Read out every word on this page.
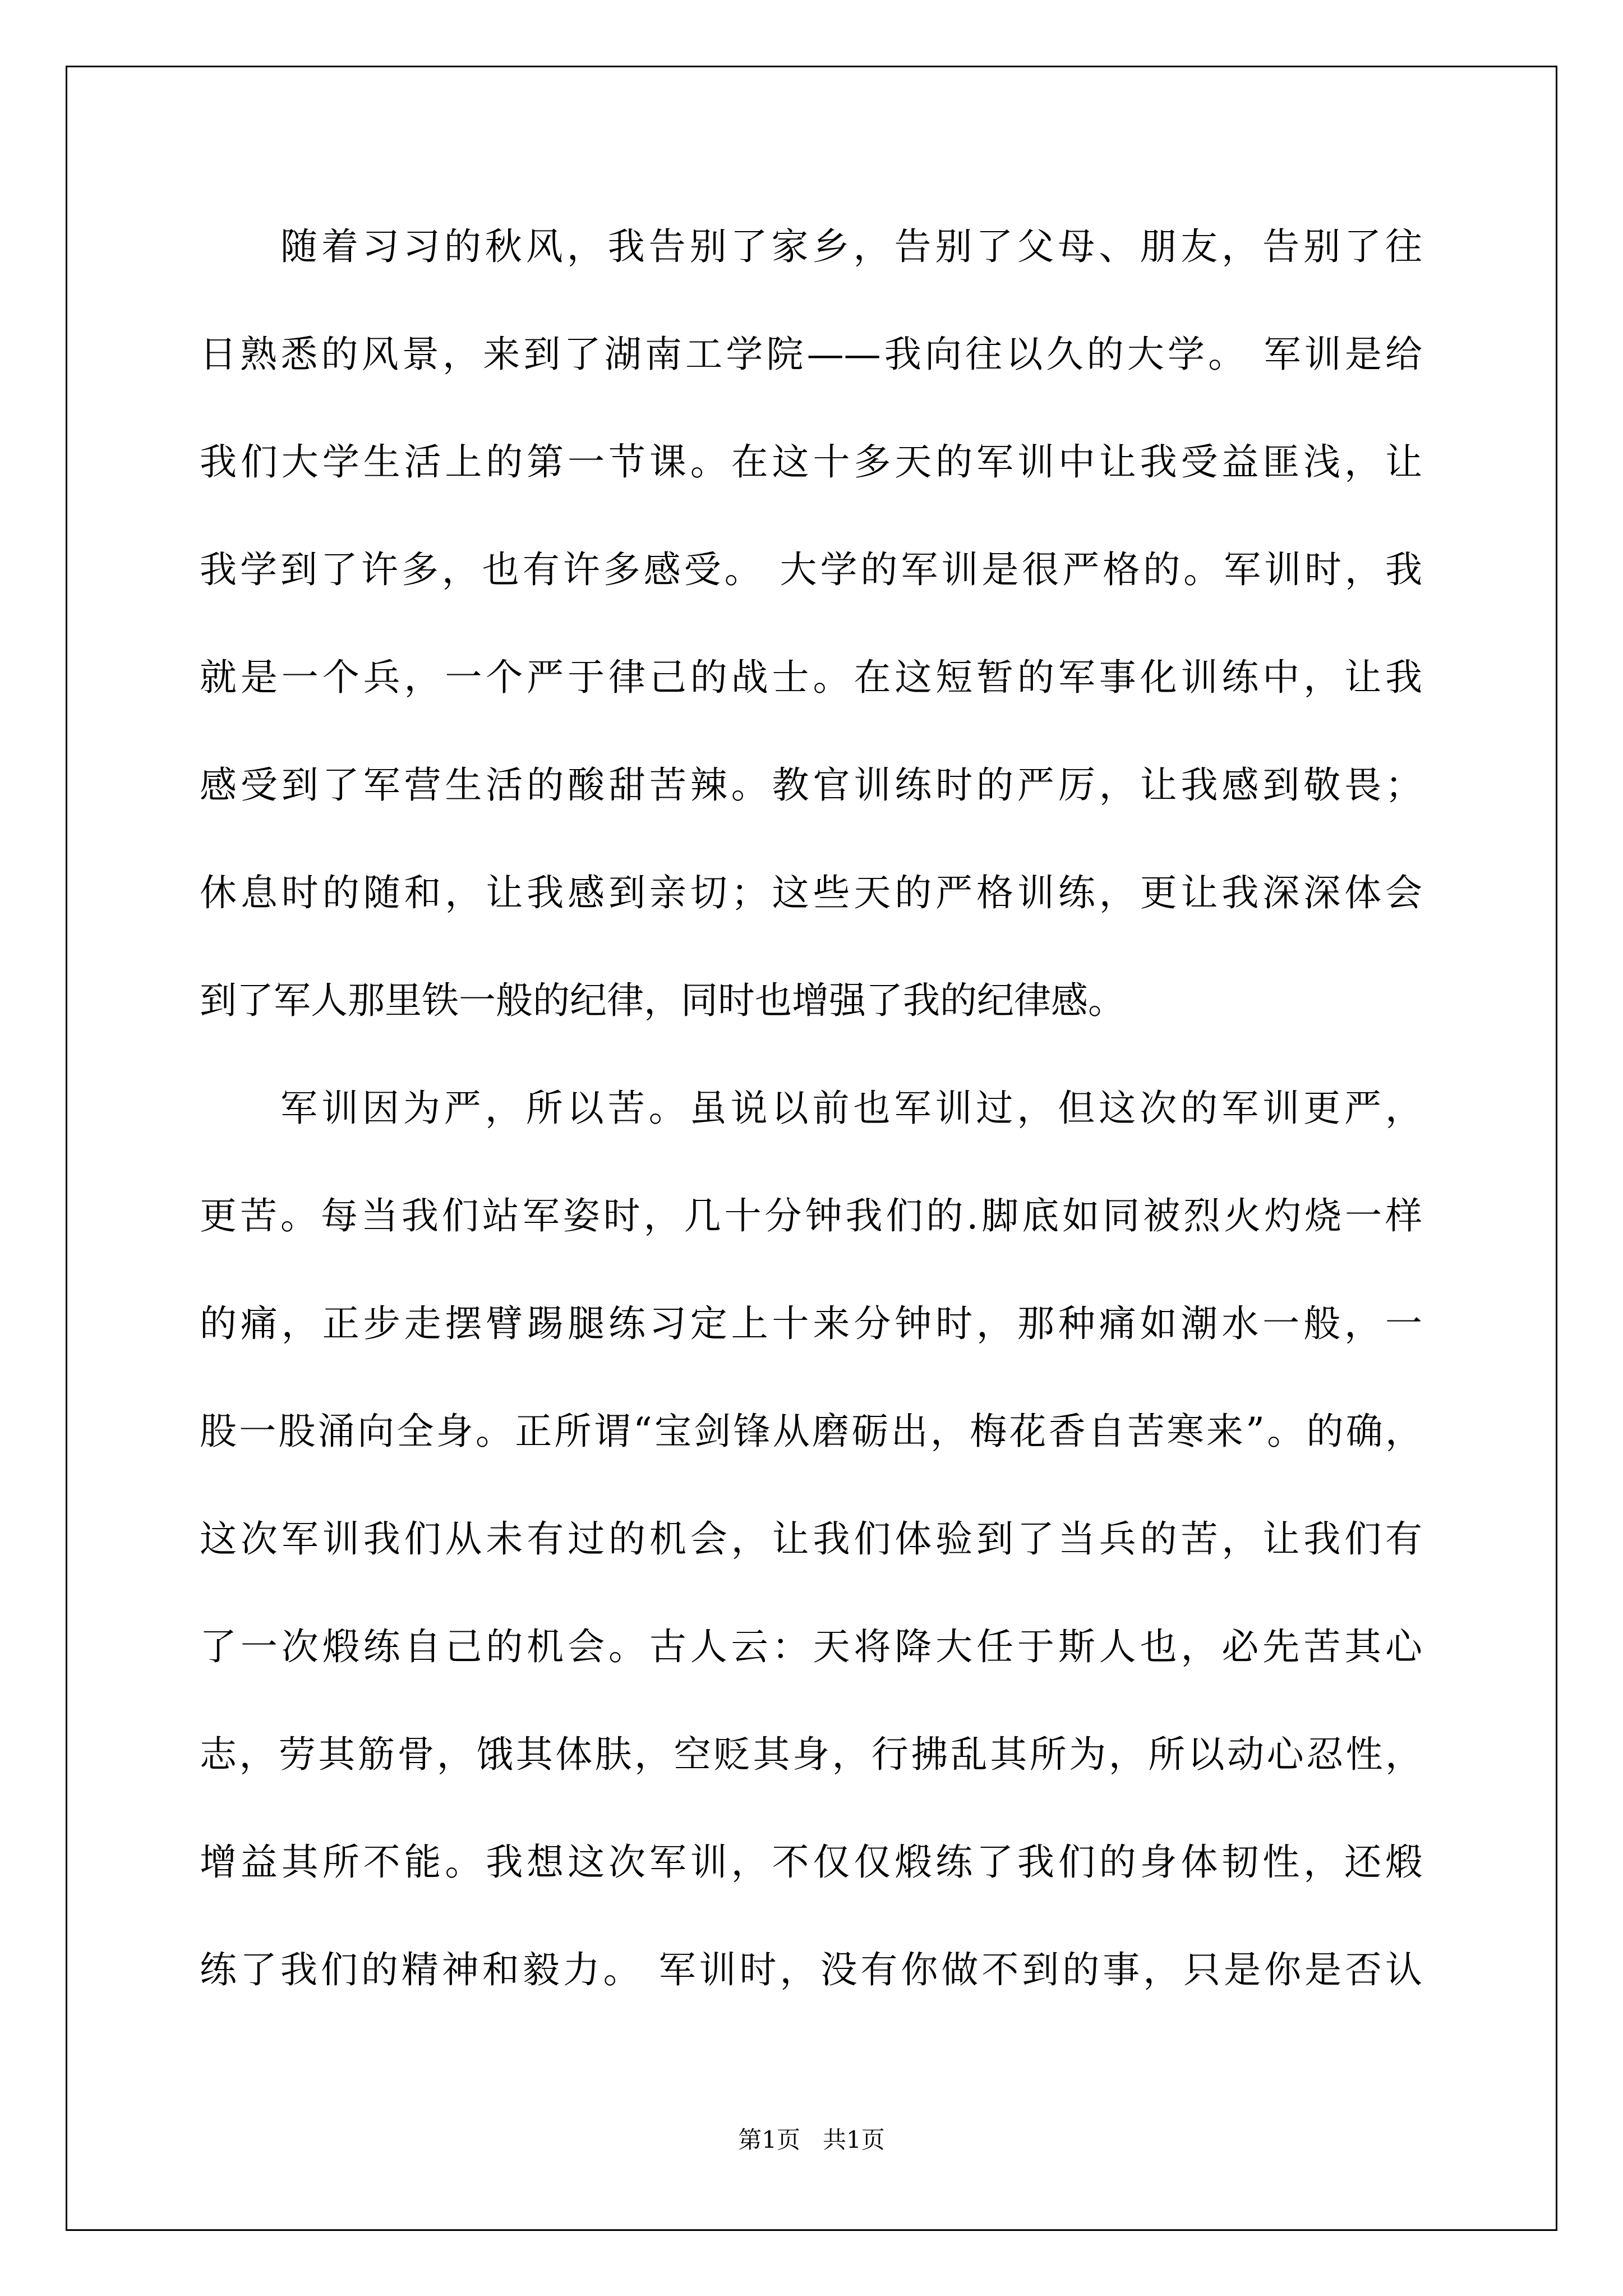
随着习习的秋风，我告别了家乡，告别了父母、朋友，告别了往
日熟悉的风景，来到了湖南工学院——我向往以久的大学。 军训是给
我们大学生活上的第一节课。在这十多天的军训中让我受益匪浅，让
我学到了许多，也有许多感受。 大学的军训是很严格的。军训时，我
就是一个兵，一个严于律己的战士。在这短暂的军事化训练中，让我
感受到了军营生活的酸甜苦辣。教官训练时的严厉，让我感到敬畏；
休息时的随和，让我感到亲切；这些天的严格训练，更让我深深体会
到了军人那里铁一般的纪律，同时也增强了我的纪律感。
军训因为严，所以苦。虽说以前也军训过，但这次的军训更严，
更苦。每当我们站军姿时，几十分钟我们的.脚底如同被烈火灼烧一样
的痛，正步走摆臂踢腿练习定上十来分钟时，那种痛如潮水一般，一
股一股涌向全身。正所谓“宝剑锋从磨砺出，梅花香自苦寒来”。的确，
这次军训我们从未有过的机会，让我们体验到了当兵的苦，让我们有
了一次煅练自己的机会。古人云：天将降大任于斯人也，必先苦其心
志，劳其筋骨，饿其体肤，空贬其身，行拂乱其所为，所以动心忍性，
增益其所不能。我想这次军训，不仅仅煅练了我们的身体韧性，还煅
练了我们的精神和毅力。 军训时，没有你做不到的事，只是你是否认
第1页   共1页
